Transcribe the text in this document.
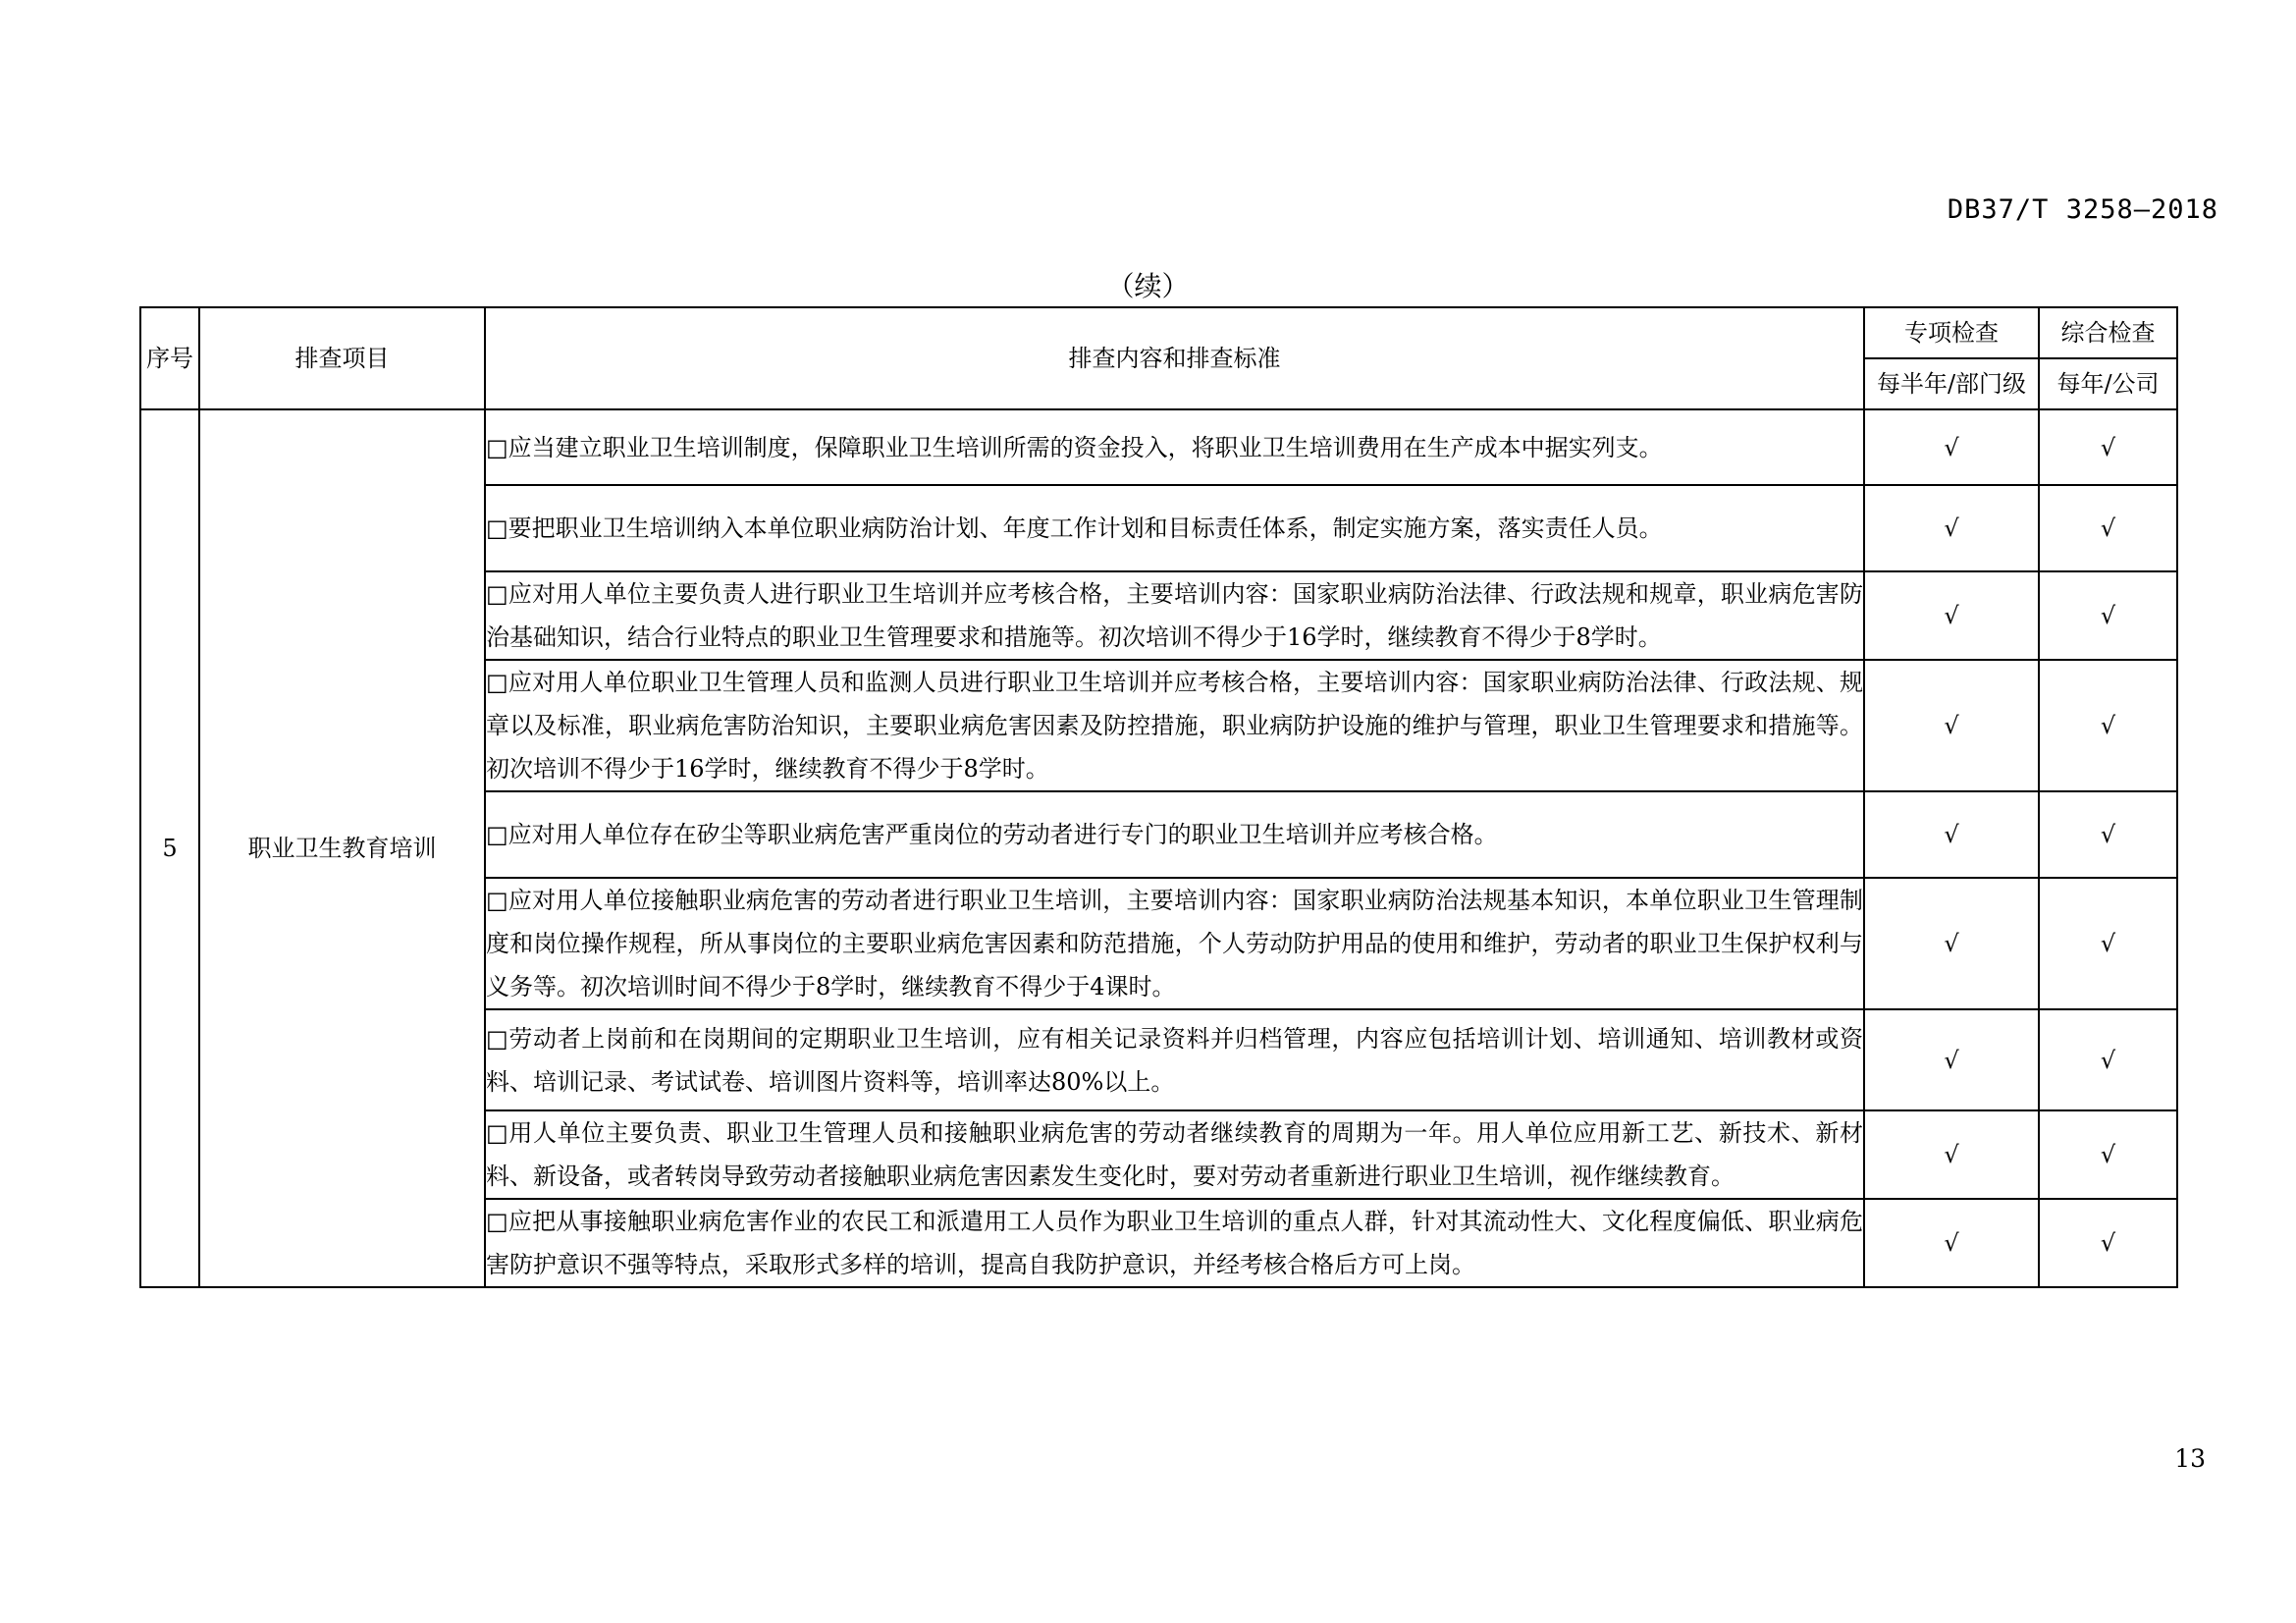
DB37/T 3258—2018
（续）
序号	排查项目	排查内容和排查标准	专项检查	综合检查
			每半年/部门级	每年/公司
5	职业卫生教育培训	□应当建立职业卫生培训制度，保障职业卫生培训所需的资金投入，将职业卫生培训费用在生产成本中据实列支。	√	√
		□要把职业卫生培训纳入本单位职业病防治计划、年度工作计划和目标责任体系，制定实施方案，落实责任人员。	√	√
		□应对用人单位主要负责人进行职业卫生培训并应考核合格，主要培训内容：国家职业病防治法律、行政法规和规章，职业病危害防治基础知识，结合行业特点的职业卫生管理要求和措施等。初次培训不得少于16学时，继续教育不得少于8学时。	√	√
		□应对用人单位职业卫生管理人员和监测人员进行职业卫生培训并应考核合格，主要培训内容：国家职业病防治法律、行政法规、规章以及标准，职业病危害防治知识，主要职业病危害因素及防控措施，职业病防护设施的维护与管理，职业卫生管理要求和措施等。初次培训不得少于16学时，继续教育不得少于8学时。	√	√
		□应对用人单位存在矽尘等职业病危害严重岗位的劳动者进行专门的职业卫生培训并应考核合格。	√	√
		□应对用人单位接触职业病危害的劳动者进行职业卫生培训，主要培训内容：国家职业病防治法规基本知识，本单位职业卫生管理制度和岗位操作规程，所从事岗位的主要职业病危害因素和防范措施，个人劳动防护用品的使用和维护，劳动者的职业卫生保护权利与义务等。初次培训时间不得少于8学时，继续教育不得少于4课时。	√	√
		□劳动者上岗前和在岗期间的定期职业卫生培训，应有相关记录资料并归档管理，内容应包括培训计划、培训通知、培训教材或资料、培训记录、考试试卷、培训图片资料等，培训率达80%以上。	√	√
		□用人单位主要负责、职业卫生管理人员和接触职业病危害的劳动者继续教育的周期为一年。用人单位应用新工艺、新技术、新材料、新设备，或者转岗导致劳动者接触职业病危害因素发生变化时，要对劳动者重新进行职业卫生培训，视作继续教育。	√	√
		□应把从事接触职业病危害作业的农民工和派遣用工人员作为职业卫生培训的重点人群，针对其流动性大、文化程度偏低、职业病危害防护意识不强等特点，采取形式多样的培训，提高自我防护意识，并经考核合格后方可上岗。	√	√
13
